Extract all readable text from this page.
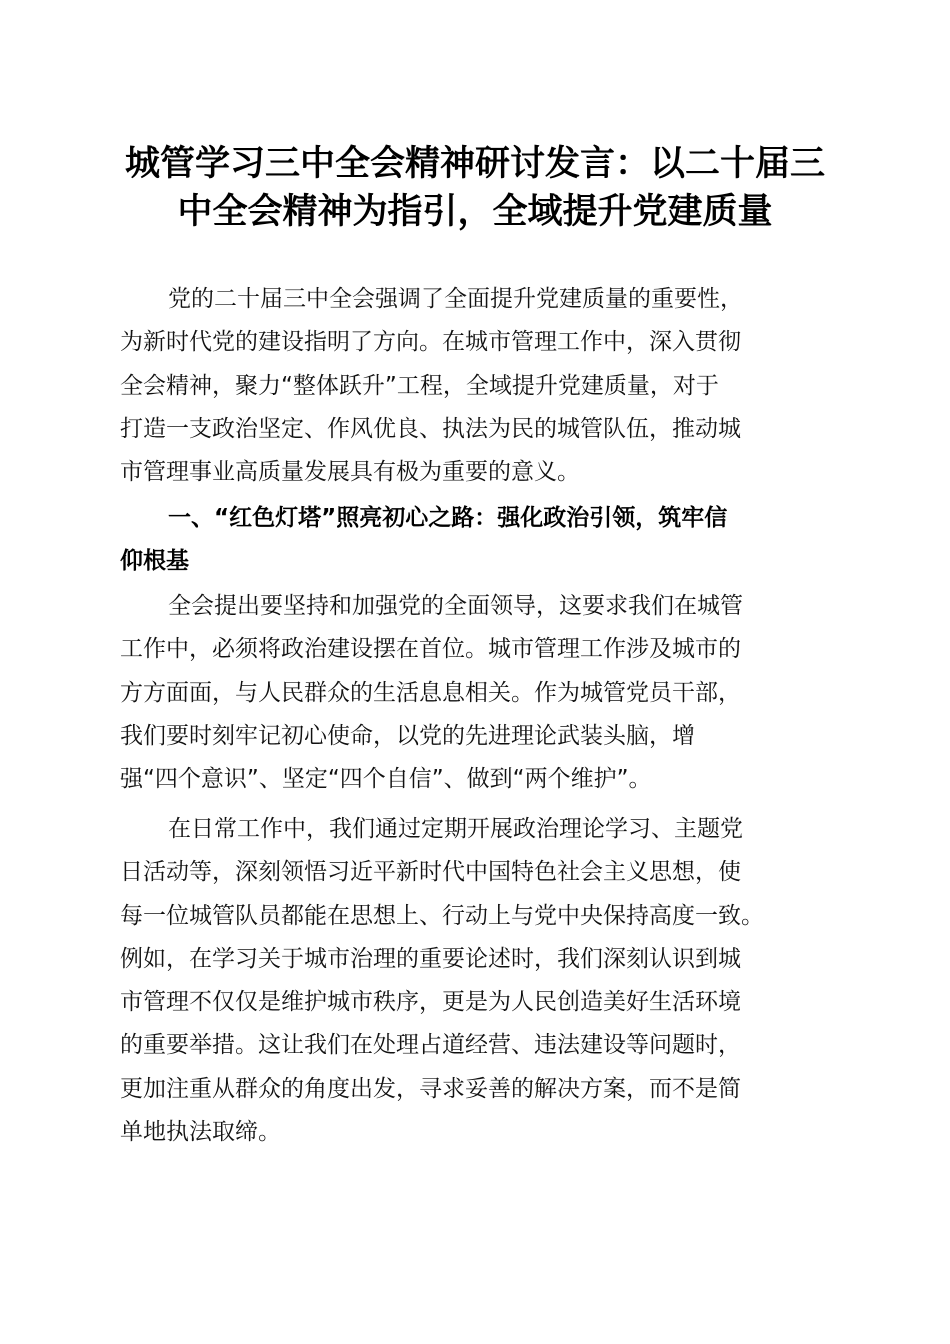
城管学习三中全会精神研讨发言：以二十届三
中全会精神为指引，全域提升党建质量

党的二十届三中全会强调了全面提升党建质量的重要性，
为新时代党的建设指明了方向。在城市管理工作中，深入贯彻
全会精神，聚力“整体跃升”工程，全域提升党建质量，对于
打造一支政治坚定、作风优良、执法为民的城管队伍，推动城
市管理事业高质量发展具有极为重要的意义。

一、“红色灯塔”照亮初心之路：强化政治引领，筑牢信
仰根基

全会提出要坚持和加强党的全面领导，这要求我们在城管
工作中，必须将政治建设摆在首位。城市管理工作涉及城市的
方方面面，与人民群众的生活息息相关。作为城管党员干部，
我们要时刻牢记初心使命，以党的先进理论武装头脑，增
强“四个意识”、坚定“四个自信”、做到“两个维护”。

在日常工作中，我们通过定期开展政治理论学习、主题党
日活动等，深刻领悟习近平新时代中国特色社会主义思想，使
每一位城管队员都能在思想上、行动上与党中央保持高度一致。
例如，在学习关于城市治理的重要论述时，我们深刻认识到城
市管理不仅仅是维护城市秩序，更是为人民创造美好生活环境
的重要举措。这让我们在处理占道经营、违法建设等问题时，
更加注重从群众的角度出发，寻求妥善的解决方案，而不是简
单地执法取缔。
